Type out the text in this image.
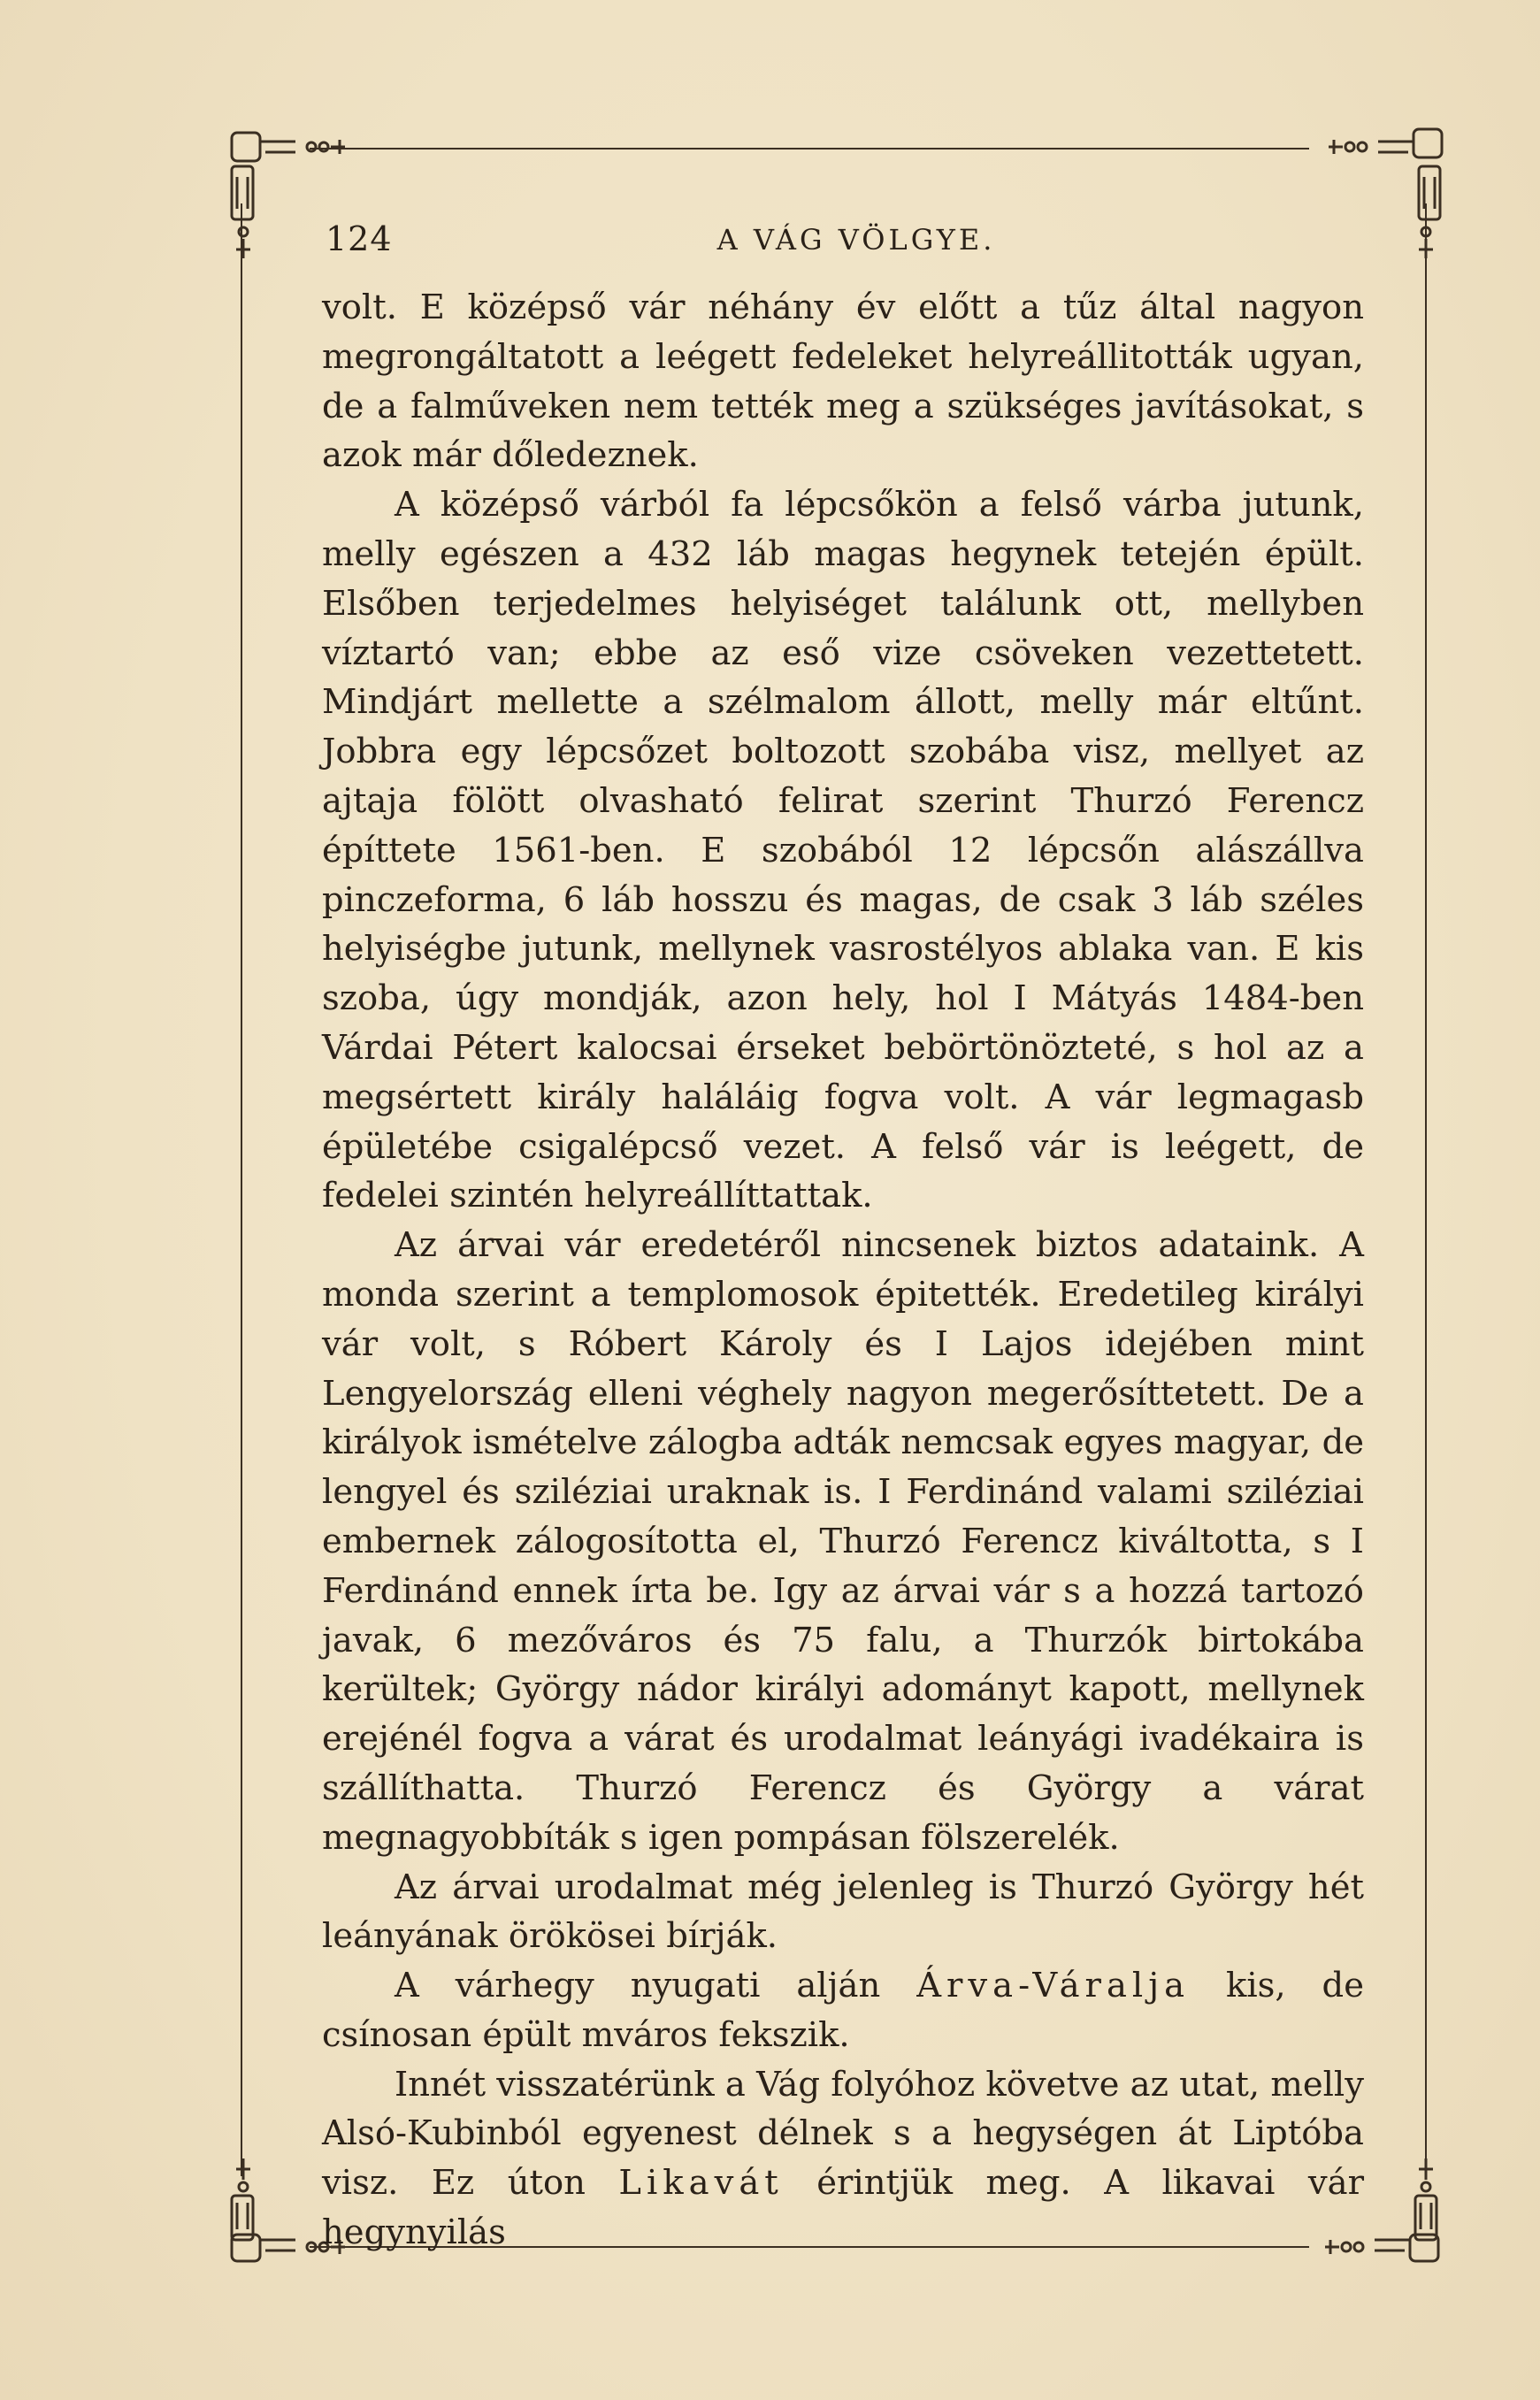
124	A VÁG VÖLGYE.

volt. E középső vár néhány év előtt a tűz által nagyon megrongáltatott a leégett fedeleket helyreállitották ugyan, de a falműveken nem tették meg a szükséges javításokat, s azok már dőledeznek.

A középső várból fa lépcsőkön a felső várba jutunk, melly egészen a 432 láb magas hegynek tetején épült. Elsőben terjedelmes helyiséget találunk ott, mellyben víztartó van; ebbe az eső vize csöveken vezettetett. Mindjárt mellette a szélmalom állott, melly már eltűnt. Jobbra egy lépcsőzet boltozott szobába visz, mellyet az ajtaja fölött olvasható felirat szerint Thurzó Ferencz építtete 1561-ben. E szobából 12 lépcsőn alászállva pinczeforma, 6 láb hosszu és magas, de csak 3 láb széles helyiségbe jutunk, mellynek vasrostélyos ablaka van. E kis szoba, úgy mondják, azon hely, hol I Mátyás 1484-ben Várdai Pétert kalocsai érseket bebörtönözteté, s hol az a megsértett király haláláig fogva volt. A vár legmagasb épületébe csigalépcső vezet. A felső vár is leégett, de fedelei szintén helyreállíttattak.

Az árvai vár eredetéről nincsenek biztos adataink. A monda szerint a templomosok épitették. Eredetileg királyi vár volt, s Róbert Károly és I Lajos idejében mint Lengyelország elleni véghely nagyon megerősíttetett. De a királyok ismételve zálogba adták nemcsak egyes magyar, de lengyel és sziléziai uraknak is. I Ferdinánd valami sziléziai embernek zálogosította el, Thurzó Ferencz kiváltotta, s I Ferdinánd ennek írta be. Igy az árvai vár s a hozzá tartozó javak, 6 mezőváros és 75 falu, a Thurzók birtokába kerültek; György nádor királyi adományt kapott, mellynek erejénél fogva a várat és urodalmat leányági ivadékaira is szállíthatta. Thurzó Ferencz és György a várat megnagyobbíták s igen pompásan fölszerelék.

Az árvai urodalmat még jelenleg is Thurzó György hét leányának örökösei bírják.

A várhegy nyugati alján Árva-Váralja kis, de csínosan épült mváros fekszik.

Innét visszatérünk a Vág folyóhoz követve az utat, melly Alsó-Kubinból egyenest délnek s a hegységen át Liptóba visz. Ez úton Likavát érintjük meg. A likavai vár hegynyilás
